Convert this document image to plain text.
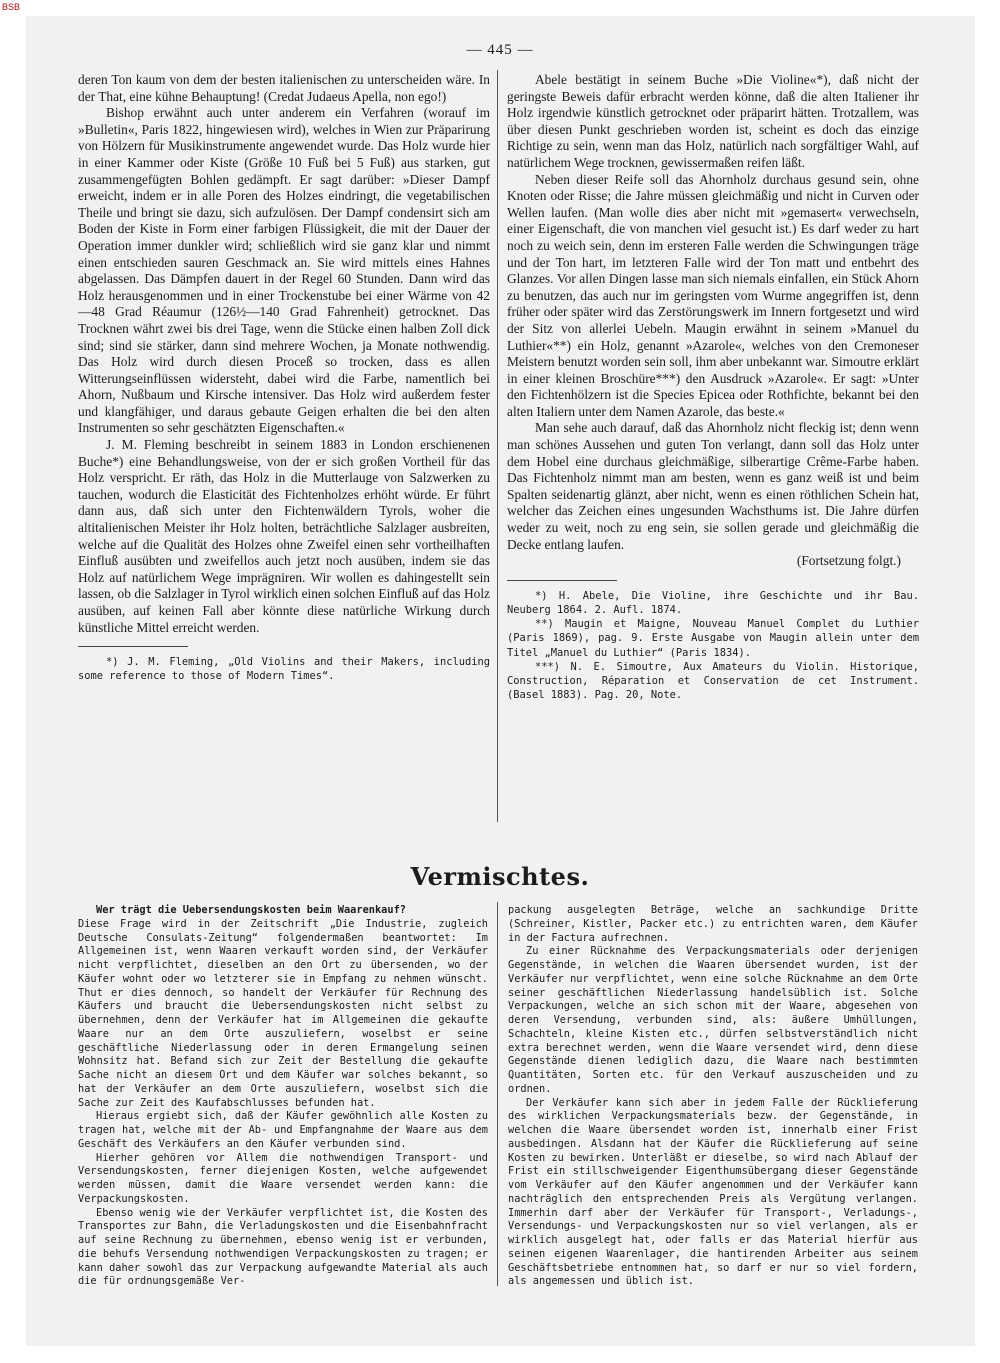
BSB
— 445 —

deren Ton kaum von dem der besten italienischen zu unterscheiden wäre. In der That, eine kühne Behauptung! (Credat Judaeus Apella, non ego!)

Bishop erwähnt auch unter anderem ein Verfahren (worauf im »Bulletin«, Paris 1822, hingewiesen wird), welches in Wien zur Präparirung von Hölzern für Musikinstrumente angewendet wurde. Das Holz wurde hier in einer Kammer oder Kiste (Größe 10 Fuß bei 5 Fuß) aus starken, gut zusammengefügten Bohlen gedämpft. Er sagt darüber: »Dieser Dampf erweicht, indem er in alle Poren des Holzes eindringt, die vegetabilischen Theile und bringt sie dazu, sich aufzulösen. Der Dampf condensirt sich am Boden der Kiste in Form einer farbigen Flüssigkeit, die mit der Dauer der Operation immer dunkler wird; schließlich wird sie ganz klar und nimmt einen entschieden sauren Geschmack an. Sie wird mittels eines Hahnes abgelassen. Das Dämpfen dauert in der Regel 60 Stunden. Dann wird das Holz herausgenommen und in einer Trockenstube bei einer Wärme von 42—48 Grad Réaumur (126½—140 Grad Fahrenheit) getrocknet. Das Trocknen währt zwei bis drei Tage, wenn die Stücke einen halben Zoll dick sind; sind sie stärker, dann sind mehrere Wochen, ja Monate nothwendig. Das Holz wird durch diesen Proceß so trocken, dass es allen Witterungseinflüssen widersteht, dabei wird die Farbe, namentlich bei Ahorn, Nußbaum und Kirsche intensiver. Das Holz wird außerdem fester und klangfähiger, und daraus gebaute Geigen erhalten die bei den alten Instrumenten so sehr geschätzten Eigenschaften.«

J. M. Fleming beschreibt in seinem 1883 in London erschienenen Buche*) eine Behandlungsweise, von der er sich großen Vortheil für das Holz verspricht. Er räth, das Holz in die Mutterlauge von Salzwerken zu tauchen, wodurch die Elasticität des Fichtenholzes erhöht würde. Er führt dann aus, daß sich unter den Fichtenwäldern Tyrols, woher die altitalienischen Meister ihr Holz holten, beträchtliche Salzlager ausbreiten, welche auf die Qualität des Holzes ohne Zweifel einen sehr vortheilhaften Einfluß ausübten und zweifellos auch jetzt noch ausüben, indem sie das Holz auf natürlichem Wege imprägniren. Wir wollen es dahingestellt sein lassen, ob die Salzlager in Tyrol wirklich einen solchen Einfluß auf das Holz ausüben, auf keinen Fall aber könnte diese natürliche Wirkung durch künstliche Mittel erreicht werden.

*) J. M. Fleming, „Old Violins and their Makers, including some reference to those of Modern Times“.

Abele bestätigt in seinem Buche »Die Violine«*), daß nicht der geringste Beweis dafür erbracht werden könne, daß die alten Italiener ihr Holz irgendwie künstlich getrocknet oder präparirt hätten. Trotzallem, was über diesen Punkt geschrieben worden ist, scheint es doch das einzige Richtige zu sein, wenn man das Holz, natürlich nach sorgfältiger Wahl, auf natürlichem Wege trocknen, gewissermaßen reifen läßt.

Neben dieser Reife soll das Ahornholz durchaus gesund sein, ohne Knoten oder Risse; die Jahre müssen gleichmäßig und nicht in Curven oder Wellen laufen. (Man wolle dies aber nicht mit »gemasert« verwechseln, einer Eigenschaft, die von manchen viel gesucht ist.) Es darf weder zu hart noch zu weich sein, denn im ersteren Falle werden die Schwingungen träge und der Ton hart, im letzteren Falle wird der Ton matt und entbehrt des Glanzes. Vor allen Dingen lasse man sich niemals einfallen, ein Stück Ahorn zu benutzen, das auch nur im geringsten vom Wurme angegriffen ist, denn früher oder später wird das Zerstörungswerk im Innern fortgesetzt und wird der Sitz von allerlei Uebeln. Maugin erwähnt in seinem »Manuel du Luthier«**) ein Holz, genannt »Azarole«, welches von den Cremoneser Meistern benutzt worden sein soll, ihm aber unbekannt war. Simoutre erklärt in einer kleinen Broschüre***) den Ausdruck »Azarole«. Er sagt: »Unter den Fichtenhölzern ist die Species Epicea oder Rothfichte, bekannt bei den alten Italiern unter dem Namen Azarole, das beste.«

Man sehe auch darauf, daß das Ahornholz nicht fleckig ist; denn wenn man schönes Aussehen und guten Ton verlangt, dann soll das Holz unter dem Hobel eine durchaus gleichmäßige, silberartige Crême-Farbe haben. Das Fichtenholz nimmt man am besten, wenn es ganz weiß ist und beim Spalten seidenartig glänzt, aber nicht, wenn es einen röthlichen Schein hat, welcher das Zeichen eines ungesunden Wachsthums ist. Die Jahre dürfen weder zu weit, noch zu eng sein, sie sollen gerade und gleichmäßig die Decke entlang laufen.

(Fortsetzung folgt.)

*) H. Abele, Die Violine, ihre Geschichte und ihr Bau. Neuberg 1864. 2. Aufl. 1874.

**) Maugin et Maigne, Nouveau Manuel Complet du Luthier (Paris 1869), pag. 9. Erste Ausgabe von Maugin allein unter dem Titel „Manuel du Luthier“ (Paris 1834).

***) N. E. Simoutre, Aux Amateurs du Violin. Historique, Construction, Réparation et Conservation de cet Instrument. (Basel 1883). Pag. 20, Note.

Vermischtes.

Wer trägt die Uebersendungskosten beim Waarenkauf?

Diese Frage wird in der Zeitschrift „Die Industrie, zugleich Deutsche Consulats-Zeitung“ folgendermaßen beantwortet: Im Allgemeinen ist, wenn Waaren verkauft worden sind, der Verkäufer nicht verpflichtet, dieselben an den Ort zu übersenden, wo der Käufer wohnt oder wo letzterer sie in Empfang zu nehmen wünscht. Thut er dies dennoch, so handelt der Verkäufer für Rechnung des Käufers und braucht die Uebersendungskosten nicht selbst zu übernehmen, denn der Verkäufer hat im Allgemeinen die gekaufte Waare nur an dem Orte auszuliefern, woselbst er seine geschäftliche Niederlassung oder in deren Ermangelung seinen Wohnsitz hat. Befand sich zur Zeit der Bestellung die gekaufte Sache nicht an diesem Ort und dem Käufer war solches bekannt, so hat der Verkäufer an dem Orte auszuliefern, woselbst sich die Sache zur Zeit des Kaufabschlusses befunden hat.

Hieraus ergiebt sich, daß der Käufer gewöhnlich alle Kosten zu tragen hat, welche mit der Ab- und Empfangnahme der Waare aus dem Geschäft des Verkäufers an den Käufer verbunden sind.

Hierher gehören vor Allem die nothwendigen Transport- und Versendungskosten, ferner diejenigen Kosten, welche aufgewendet werden müssen, damit die Waare versendet werden kann: die Verpackungskosten.

Ebenso wenig wie der Verkäufer verpflichtet ist, die Kosten des Transportes zur Bahn, die Verladungskosten und die Eisenbahnfracht auf seine Rechnung zu übernehmen, ebenso wenig ist er verbunden, die behufs Versendung nothwendigen Verpackungskosten zu tragen; er kann daher sowohl das zur Verpackung aufgewandte Material als auch die für ordnungsgemäße Ver-

packung ausgelegten Beträge, welche an sachkundige Dritte (Schreiner, Kistler, Packer etc.) zu entrichten waren, dem Käufer in der Factura aufrechnen.

Zu einer Rücknahme des Verpackungsmaterials oder derjenigen Gegenstände, in welchen die Waaren übersendet wurden, ist der Verkäufer nur verpflichtet, wenn eine solche Rücknahme an dem Orte seiner geschäftlichen Niederlassung handelsüblich ist. Solche Verpackungen, welche an sich schon mit der Waare, abgesehen von deren Versendung, verbunden sind, als: äußere Umhüllungen, Schachteln, kleine Kisten etc., dürfen selbstverständlich nicht extra berechnet werden, wenn die Waare versendet wird, denn diese Gegenstände dienen lediglich dazu, die Waare nach bestimmten Quantitäten, Sorten etc. für den Verkauf auszuscheiden und zu ordnen.

Der Verkäufer kann sich aber in jedem Falle der Rücklieferung des wirklichen Verpackungsmaterials bezw. der Gegenstände, in welchen die Waare übersendet worden ist, innerhalb einer Frist ausbedingen. Alsdann hat der Käufer die Rücklieferung auf seine Kosten zu bewirken. Unterläßt er dieselbe, so wird nach Ablauf der Frist ein stillschweigender Eigenthumsübergang dieser Gegenstände vom Verkäufer auf den Käufer angenommen und der Verkäufer kann nachträglich den entsprechenden Preis als Vergütung verlangen. Immerhin darf aber der Verkäufer für Transport-, Verladungs-, Versendungs- und Verpackungskosten nur so viel verlangen, als er wirklich ausgelegt hat, oder falls er das Material hierfür aus seinen eigenen Waarenlager, die hantirenden Arbeiter aus seinem Geschäftsbetriebe entnommen hat, so darf er nur so viel fordern, als angemessen und üblich ist.
